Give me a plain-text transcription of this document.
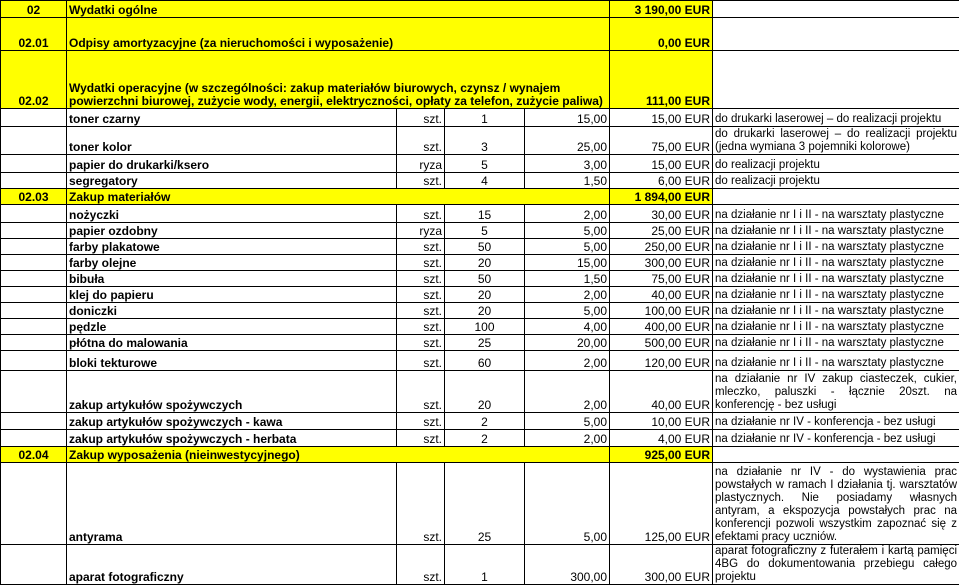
02	Wydatki ogólne				3 190,00 EUR	
02.01	Odpisy amortyzacyjne (za nieruchomości i wyposażenie)				0,00 EUR	
02.02	Wydatki operacyjne (w szczególności: zakup materiałów biurowych, czynsz / wynajem powierzchni biurowej, zużycie wody, energii, elektryczności, opłaty za telefon, zużycie paliwa)				111,00 EUR	
	toner czarny	szt.	1	15,00	15,00 EUR	do drukarki laserowej – do realizacji projektu
	toner kolor	szt.	3	25,00	75,00 EUR	do drukarki laserowej – do realizacji projektu (jedna wymiana 3 pojemniki kolorowe)
	papier do drukarki/ksero	ryza	5	3,00	15,00 EUR	do realizacji projektu
	segregatory	szt.	4	1,50	6,00 EUR	do realizacji projektu
02.03	Zakup materiałów				1 894,00 EUR	
	nożyczki	szt.	15	2,00	30,00 EUR	na działanie nr I i II - na warsztaty plastyczne
	papier ozdobny	ryza	5	5,00	25,00 EUR	na działanie nr I i II - na warsztaty plastyczne
	farby plakatowe	szt.	50	5,00	250,00 EUR	na działanie nr I i II - na warsztaty plastyczne
	farby olejne	szt.	20	15,00	300,00 EUR	na działanie nr I i II - na warsztaty plastyczne
	bibuła	szt.	50	1,50	75,00 EUR	na działanie nr I i II - na warsztaty plastyczne
	klej do papieru	szt.	20	2,00	40,00 EUR	na działanie nr I i II - na warsztaty plastyczne
	doniczki	szt.	20	5,00	100,00 EUR	na działanie nr I i II - na warsztaty plastyczne
	pędzle	szt.	100	4,00	400,00 EUR	na działanie nr I i II - na warsztaty plastyczne
	płótna do malowania	szt.	25	20,00	500,00 EUR	na działanie nr I i II - na warsztaty plastyczne
	bloki tekturowe	szt.	60	2,00	120,00 EUR	na działanie nr I i II - na warsztaty plastyczne
	zakup artykułów spożywczych	szt.	20	2,00	40,00 EUR	na działanie nr IV zakup ciasteczek, cukier, mleczko, paluszki - łącznie 20szt. na konferencję - bez usługi
	zakup artykułów spożywczych - kawa	szt.	2	5,00	10,00 EUR	na działanie nr IV - konferencja - bez usługi
	zakup artykułów spożywczych - herbata	szt.	2	2,00	4,00 EUR	na działanie nr IV - konferencja - bez usługi
02.04	Zakup wyposażenia (nieinwestycyjnego)				925,00 EUR	
	antyrama	szt.	25	5,00	125,00 EUR	na działanie nr IV - do wystawienia prac powstałych w ramach I działania tj. warsztatów plastycznych. Nie posiadamy własnych antyram, a ekspozycja powstałych prac na konferencji pozwoli wszystkim zapoznać się z efektami pracy uczniów.
	aparat fotograficzny	szt.	1	300,00	300,00 EUR	aparat fotograficzny z futerałem i kartą pamięci 4BG do dokumentowania przebiegu całego projektu
